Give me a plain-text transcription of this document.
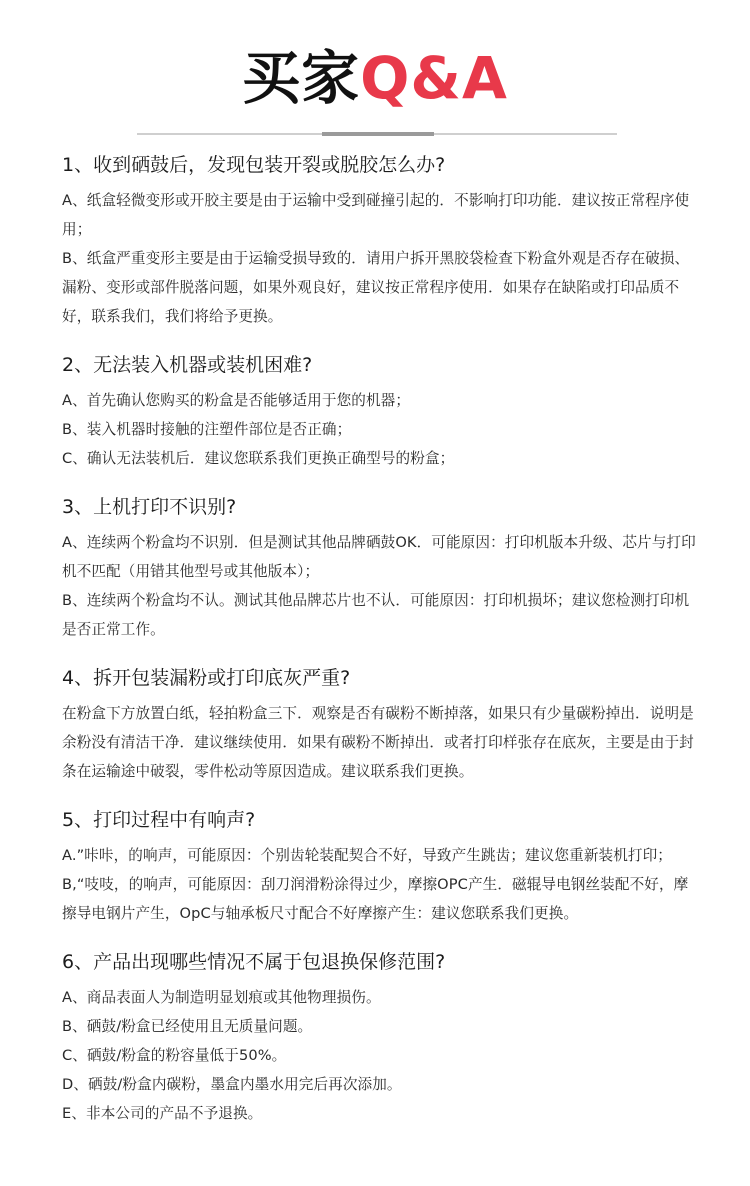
买家Q&A

1、收到硒鼓后，发现包装开裂或脱胶怎么办?

A、纸盒轻微变形或开胶主要是由于运输中受到碰撞引起的．不影响打印功能．建议按正常程序使用；

B、纸盒严重变形主要是由于运输受损导致的．请用户拆开黑胶袋检查下粉盒外观是否存在破损、漏粉、变形或部件脱落问题，如果外观良好，建议按正常程序使用．如果存在缺陷或打印品质不好，联系我们，我们将给予更换。

2、无法装入机器或装机困难?

A、首先确认您购买的粉盒是否能够适用于您的机器；

B、装入机器时接触的注塑件部位是否正确；

C、确认无法装机后．建议您联系我们更换正确型号的粉盒；

3、上机打印不识别?

A、连续两个粉盒均不识别．但是测试其他品牌硒鼓OK．可能原因：打印机版本升级、芯片与打印机不匹配（用错其他型号或其他版本）；

B、连续两个粉盒均不认。测试其他品牌芯片也不认．可能原因：打印机损坏；建议您检测打印机是否正常工作。

4、拆开包装漏粉或打印底灰严重?

在粉盒下方放置白纸，轻拍粉盒三下．观察是否有碳粉不断掉落，如果只有少量碳粉掉出．说明是余粉没有清洁干净．建议继续使用．如果有碳粉不断掉出．或者打印样张存在底灰，主要是由于封条在运输途中破裂，零件松动等原因造成。建议联系我们更换。

5、打印过程中有响声?

A.”咔咔，的响声，可能原因：个别齿轮装配契合不好，导致产生跳齿；建议您重新装机打印；

B,“吱吱，的响声，可能原因：刮刀润滑粉涂得过少，摩擦OPC产生．磁辊导电钢丝装配不好，摩擦导电钢片产生，OpC与轴承板尺寸配合不好摩擦产生：建议您联系我们更换。

6、产品出现哪些情况不属于包退换保修范围?

A、商品表面人为制造明显划痕或其他物理损伤。

B、硒鼓/粉盒已经使用且无质量问题。

C、硒鼓/粉盒的粉容量低于50%。

D、硒鼓/粉盒内碳粉，墨盒内墨水用完后再次添加。

E、非本公司的产品不予退换。
